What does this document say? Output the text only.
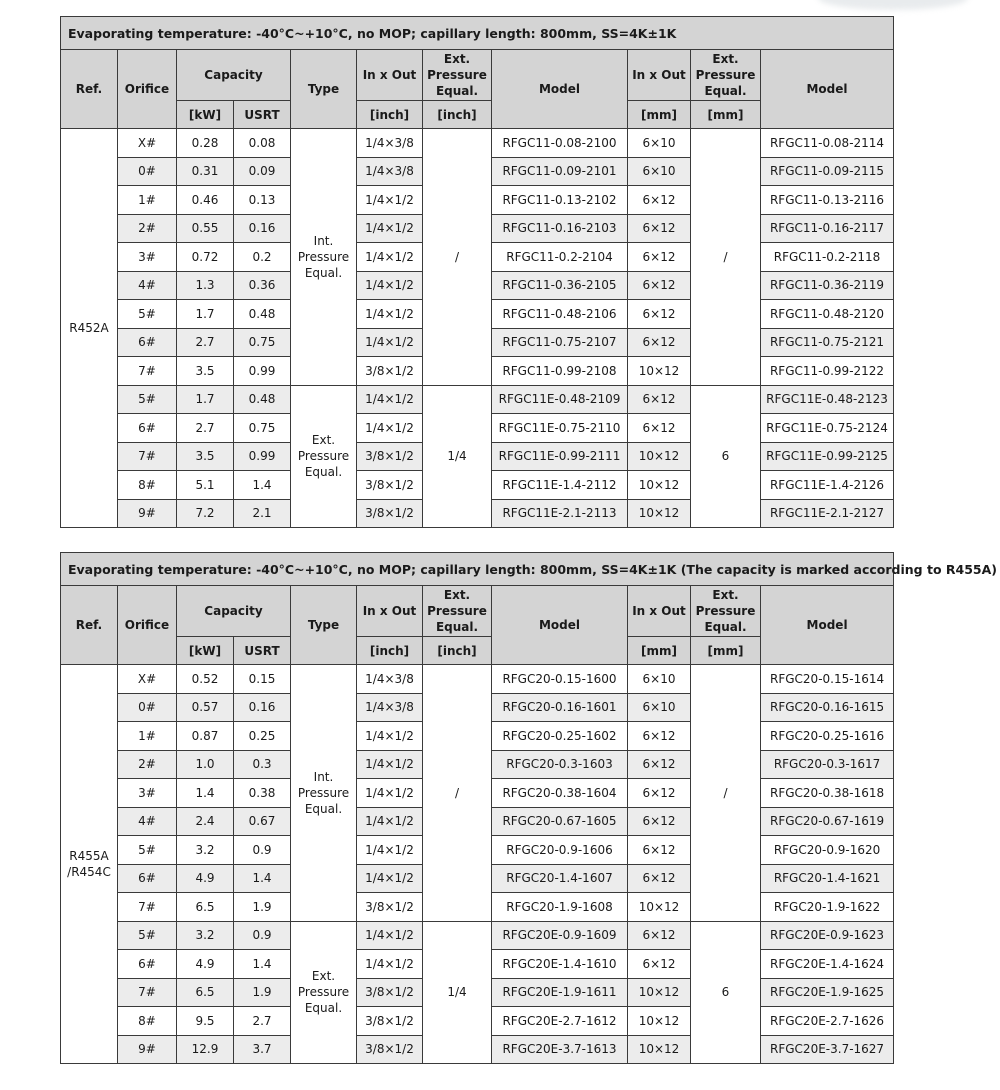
Evaporating temperature: -40°C~+10°C, no MOP; capillary length: 800mm, SS=4K±1K										
Ref.	Orifice	Capacity		Type	In x Out	Ext.
Pressure
Equal.	Model	In x Out	Ext.
Pressure
Equal.	Model
		[kW]	USRT		[inch]	[inch]		[mm]	[mm]	
R452A	X#	0.28	0.08	Int.
Pressure
Equal.	1/4×3/8	/	RFGC11-0.08-2100	6×10	/	RFGC11-0.08-2114
	0#	0.31	0.09		1/4×3/8		RFGC11-0.09-2101	6×10		RFGC11-0.09-2115
	1#	0.46	0.13		1/4×1/2		RFGC11-0.13-2102	6×12		RFGC11-0.13-2116
	2#	0.55	0.16		1/4×1/2		RFGC11-0.16-2103	6×12		RFGC11-0.16-2117
	3#	0.72	0.2		1/4×1/2		RFGC11-0.2-2104	6×12		RFGC11-0.2-2118
	4#	1.3	0.36		1/4×1/2		RFGC11-0.36-2105	6×12		RFGC11-0.36-2119
	5#	1.7	0.48		1/4×1/2		RFGC11-0.48-2106	6×12		RFGC11-0.48-2120
	6#	2.7	0.75		1/4×1/2		RFGC11-0.75-2107	6×12		RFGC11-0.75-2121
	7#	3.5	0.99		3/8×1/2		RFGC11-0.99-2108	10×12		RFGC11-0.99-2122
	5#	1.7	0.48	Ext.
Pressure
Equal.	1/4×1/2	1/4	RFGC11E-0.48-2109	6×12	6	RFGC11E-0.48-2123
	6#	2.7	0.75		1/4×1/2		RFGC11E-0.75-2110	6×12		RFGC11E-0.75-2124
	7#	3.5	0.99		3/8×1/2		RFGC11E-0.99-2111	10×12		RFGC11E-0.99-2125
	8#	5.1	1.4		3/8×1/2		RFGC11E-1.4-2112	10×12		RFGC11E-1.4-2126
	9#	7.2	2.1		3/8×1/2		RFGC11E-2.1-2113	10×12		RFGC11E-2.1-2127
Evaporating temperature: -40°C~+10°C, no MOP; capillary length: 800mm, SS=4K±1K (The capacity is marked according to R455A)										
Ref.	Orifice	Capacity		Type	In x Out	Ext.
Pressure
Equal.	Model	In x Out	Ext.
Pressure
Equal.	Model
		[kW]	USRT		[inch]	[inch]		[mm]	[mm]	
R455A
/R454C	X#	0.52	0.15	Int.
Pressure
Equal.	1/4×3/8	/	RFGC20-0.15-1600	6×10	/	RFGC20-0.15-1614
	0#	0.57	0.16		1/4×3/8		RFGC20-0.16-1601	6×10		RFGC20-0.16-1615
	1#	0.87	0.25		1/4×1/2		RFGC20-0.25-1602	6×12		RFGC20-0.25-1616
	2#	1.0	0.3		1/4×1/2		RFGC20-0.3-1603	6×12		RFGC20-0.3-1617
	3#	1.4	0.38		1/4×1/2		RFGC20-0.38-1604	6×12		RFGC20-0.38-1618
	4#	2.4	0.67		1/4×1/2		RFGC20-0.67-1605	6×12		RFGC20-0.67-1619
	5#	3.2	0.9		1/4×1/2		RFGC20-0.9-1606	6×12		RFGC20-0.9-1620
	6#	4.9	1.4		1/4×1/2		RFGC20-1.4-1607	6×12		RFGC20-1.4-1621
	7#	6.5	1.9		3/8×1/2		RFGC20-1.9-1608	10×12		RFGC20-1.9-1622
	5#	3.2	0.9	Ext.
Pressure
Equal.	1/4×1/2	1/4	RFGC20E-0.9-1609	6×12	6	RFGC20E-0.9-1623
	6#	4.9	1.4		1/4×1/2		RFGC20E-1.4-1610	6×12		RFGC20E-1.4-1624
	7#	6.5	1.9		3/8×1/2		RFGC20E-1.9-1611	10×12		RFGC20E-1.9-1625
	8#	9.5	2.7		3/8×1/2		RFGC20E-2.7-1612	10×12		RFGC20E-2.7-1626
	9#	12.9	3.7		3/8×1/2		RFGC20E-3.7-1613	10×12		RFGC20E-3.7-1627
